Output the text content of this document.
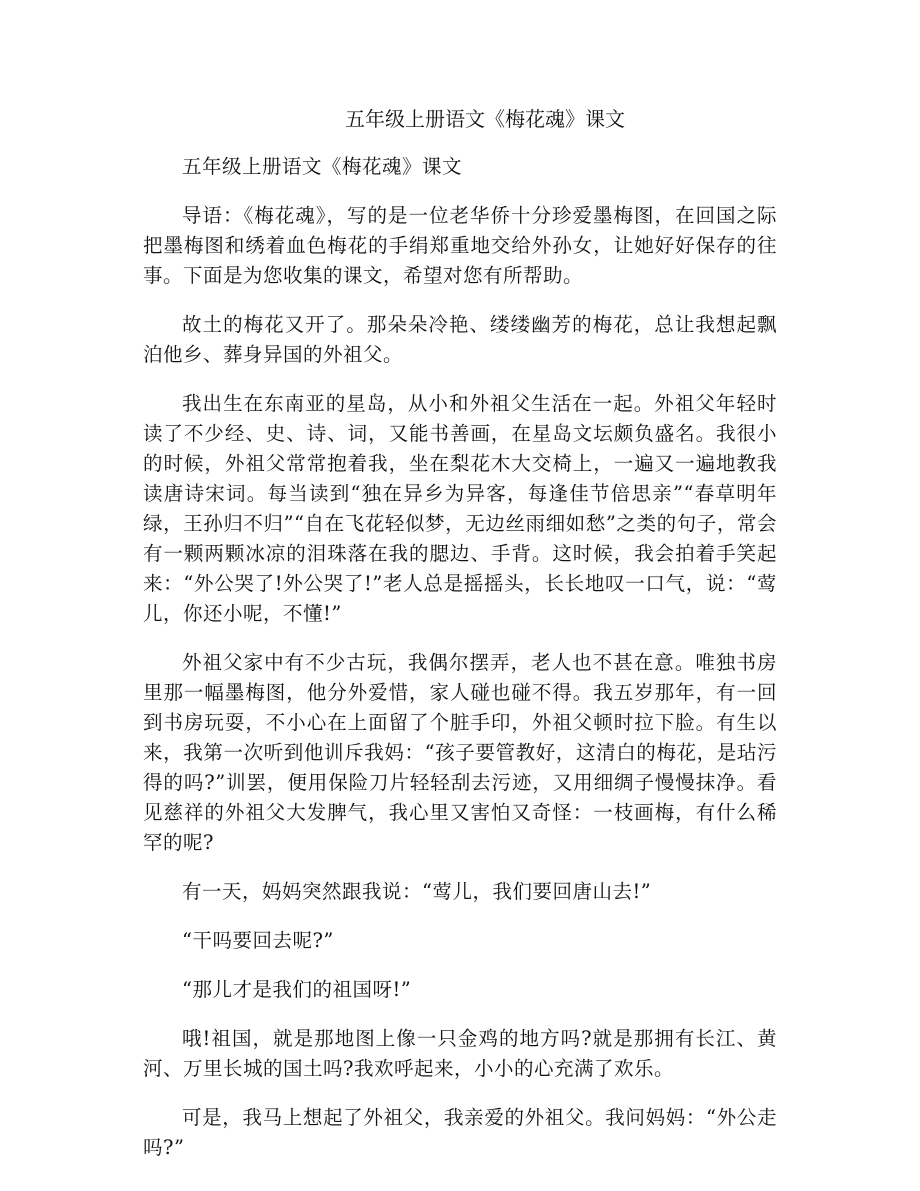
五年级上册语文《梅花魂》课文

五年级上册语文《梅花魂》课文

导语：《梅花魂》，写的是一位老华侨十分珍爱墨梅图，在回国之际把墨梅图和绣着血色梅花的手绢郑重地交给外孙女，让她好好保存的往事。下面是为您收集的课文，希望对您有所帮助。

故土的梅花又开了。那朵朵冷艳、缕缕幽芳的梅花，总让我想起飘泊他乡、葬身异国的外祖父。

我出生在东南亚的星岛，从小和外祖父生活在一起。外祖父年轻时读了不少经、史、诗、词，又能书善画，在星岛文坛颇负盛名。我很小的时候，外祖父常常抱着我，坐在梨花木大交椅上，一遍又一遍地教我读唐诗宋词。每当读到“独在异乡为异客，每逢佳节倍思亲”“春草明年绿，王孙归不归”“自在飞花轻似梦，无边丝雨细如愁”之类的句子，常会有一颗两颗冰凉的泪珠落在我的腮边、手背。这时候，我会拍着手笑起来：“外公哭了!外公哭了!”老人总是摇摇头，长长地叹一口气，说：“莺儿，你还小呢，不懂!”

外祖父家中有不少古玩，我偶尔摆弄，老人也不甚在意。唯独书房里那一幅墨梅图，他分外爱惜，家人碰也碰不得。我五岁那年，有一回到书房玩耍，不小心在上面留了个脏手印，外祖父顿时拉下脸。有生以来，我第一次听到他训斥我妈：“孩子要管教好，这清白的梅花，是玷污得的吗?”训罢，便用保险刀片轻轻刮去污迹，又用细绸子慢慢抹净。看见慈祥的外祖父大发脾气，我心里又害怕又奇怪：一枝画梅，有什么稀罕的呢?

有一天，妈妈突然跟我说：“莺儿，我们要回唐山去!”

“干吗要回去呢?”

“那儿才是我们的祖国呀!”

哦!祖国，就是那地图上像一只金鸡的地方吗?就是那拥有长江、黄河、万里长城的国土吗?我欢呼起来，小小的心充满了欢乐。

可是，我马上想起了外祖父，我亲爱的外祖父。我问妈妈：“外公走吗?”
